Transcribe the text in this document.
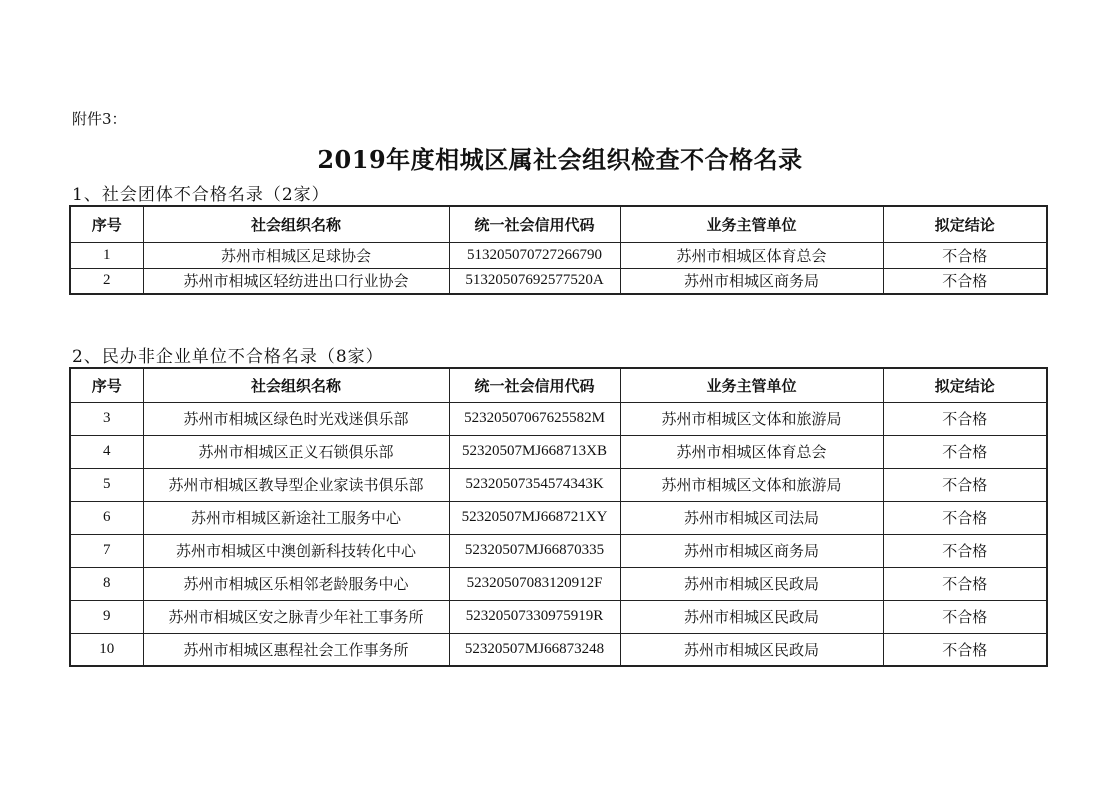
附件3：
2019年度相城区属社会组织检查不合格名录
1、社会团体不合格名录（2家）
序号	社会组织名称	统一社会信用代码	业务主管单位	拟定结论
1	苏州市相城区足球协会	513205070727266790	苏州市相城区体育总会	不合格
2	苏州市相城区轻纺进出口行业协会	51320507692577520A	苏州市相城区商务局	不合格
2、民办非企业单位不合格名录（8家）
序号	社会组织名称	统一社会信用代码	业务主管单位	拟定结论
3	苏州市相城区绿色时光戏迷俱乐部	52320507067625582M	苏州市相城区文体和旅游局	不合格
4	苏州市相城区正义石锁俱乐部	52320507MJ668713XB	苏州市相城区体育总会	不合格
5	苏州市相城区教导型企业家读书俱乐部	52320507354574343K	苏州市相城区文体和旅游局	不合格
6	苏州市相城区新途社工服务中心	52320507MJ668721XY	苏州市相城区司法局	不合格
7	苏州市相城区中澳创新科技转化中心	52320507MJ66870335	苏州市相城区商务局	不合格
8	苏州市相城区乐相邻老龄服务中心	52320507083120912F	苏州市相城区民政局	不合格
9	苏州市相城区安之脉青少年社工事务所	52320507330975919R	苏州市相城区民政局	不合格
10	苏州市相城区惠程社会工作事务所	52320507MJ66873248	苏州市相城区民政局	不合格
